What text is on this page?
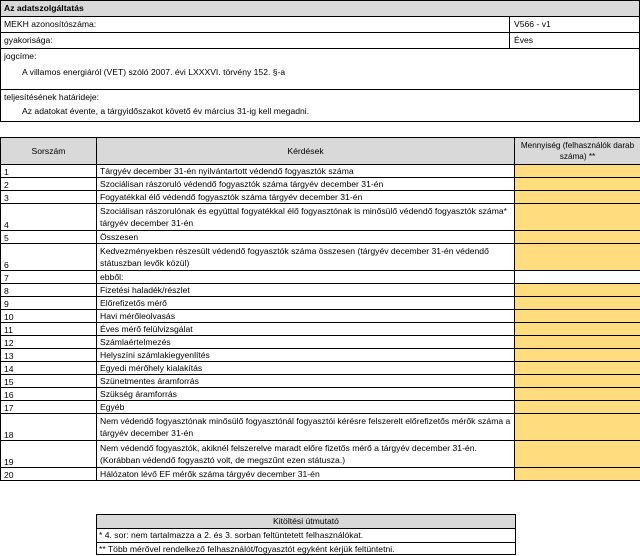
Az adatszolgáltatás
MEKH azonosítószáma:	V566 - v1
gyakorisága:	Éves
jogcíme:
A villamos energiáról (VET) szóló 2007. évi LXXXVI. törvény 152. §-a
teljesítésének határideje:
Az adatokat évente, a tárgyidőszakot követő év március 31-ig kell megadni.
Sorszám	Kérdések	Mennyiség (felhasználók darab száma) **
1	Tárgyév december 31-én nyilvántartott védendő fogyasztók száma	
2	Szociálisan rászoruló védendő fogyasztók száma tárgyév december 31-én	
3	Fogyatékkal élő védendő fogyasztók száma tárgyév december 31-én	
4	Szociálisan rászorulónak és egyúttal fogyatékkal élő fogyasztónak is minősülő védendő fogyasztók száma* tárgyév december 31-én	
5	Összesen	
6	Kedvezményekben részesült védendő fogyasztók száma összesen (tárgyév december 31-én védendő státuszban levők közül)	
7	ebből:	
8	Fizetési haladék/részlet	
9	Előrefizetős mérő	
10	Havi mérőleolvasás	
11	Éves mérő felülvizsgálat	
12	Számlaértelmezés	
13	Helyszíni számlakiegyenlítés	
14	Egyedi mérőhely kialakítás	
15	Szünetmentes áramforrás	
16	Szükség áramforrás	
17	Egyéb	
18	Nem védendő fogyasztónak minősülő fogyasztónál fogyasztói kérésre felszerelt előrefizetős mérők száma a tárgyév december 31-én	
19	Nem védendő fogyasztók, akiknél felszerelve maradt előre fizetős mérő a tárgyév december 31-én. (Korábban védendő fogyasztó volt, de megszűnt ezen státusza.)	
20	Hálózaton lévő EF mérők száma tárgyév december 31-én	
Kitöltési útmutató
* 4. sor: nem tartalmazza a 2. és 3. sorban feltüntetett felhasználókat.
** Több mérővel rendelkező felhasználót/fogyasztót egyként kérjük feltüntetni.
